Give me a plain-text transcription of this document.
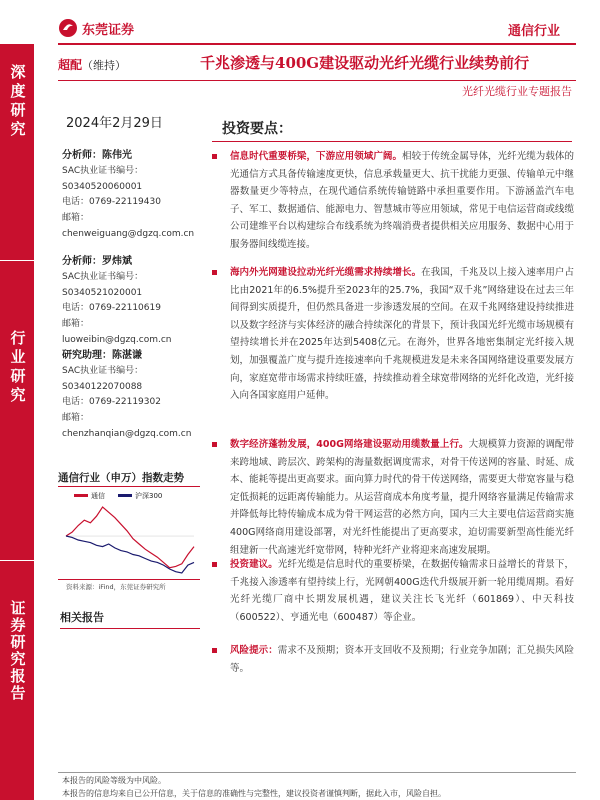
深度研究
行业研究
证券研究报告
东莞证券	通信行业
超配（维持）	千兆渗透与400G建设驱动光纤光缆行业续势前行
光纤光缆行业专题报告
2024年2月29日
分析师：陈伟光
SAC执业证书编号：
S0340520060001
电话：0769-22119430
邮箱：
chenweiguang@dgzq.com.cn
分析师：罗炜斌
SAC执业证书编号：
S0340521020001
电话：0769-22110619
邮箱：
luoweibin@dgzq.com.cn
研究助理：陈湛谦
SAC执业证书编号：
S0340122070088
电话：0769-22119302
邮箱：
chenzhanqian@dgzq.com.cn
通信行业（申万）指数走势
通信	沪深300
资料来源：iFind，东莞证券研究所
相关报告
投资要点：
信息时代重要桥梁，下游应用领域广阔。相较于传统金属导体，光纤光缆为载体的光通信方式具备传输速度更快，信息承载量更大、抗干扰能力更强、传输单元中继器数量更少等特点，在现代通信系统传输链路中承担重要作用。下游涵盖汽车电子、军工、数据通信、能源电力、智慧城市等应用领域，常见于电信运营商或线缆公司建维平台以构建综合布线系统为终端消费者提供相关应用服务、数据中心用于服务器间线缆连接。
海内外光网建设拉动光纤光缆需求持续增长。在我国，千兆及以上接入速率用户占比由2021年的6.5%提升至2023年的25.7%，我国“双千兆”网络建设在过去三年间得到实质提升，但仍然具备进一步渗透发展的空间。在双千兆网络建设持续推进以及数字经济与实体经济的融合持续深化的背景下，预计我国光纤光缆市场规模有望持续增长并在2025年达到5408亿元。在海外，世界各地密集制定光纤接入规划，加强覆盖广度与提升连接速率向千兆规模进发是未来各国网络建设重要发展方向，家庭宽带市场需求持续旺盛，持续推动着全球宽带网络的光纤化改造，光纤接入向各国家庭用户延伸。
数字经济蓬勃发展，400G网络建设驱动用缆数量上行。大规模算力资源的调配带来跨地域、跨层次、跨架构的海量数据调度需求，对骨干传送网的容量、时延、成本、能耗等提出更高要求。面向算力时代的骨干传送网络，需要更大带宽容量与稳定低损耗的远距离传输能力。从运营商成本角度考量，提升网络容量满足传输需求并降低每比特传输成本成为骨干网运营的必然方向，国内三大主要电信运营商实施400G网络商用建设部署，对光纤性能提出了更高要求，迫切需要新型高性能光纤组建新一代高速光纤宽带网，特种光纤产业将迎来高速发展期。
投资建议。光纤光缆是信息时代的重要桥梁，在数据传输需求日益增长的背景下，千兆接入渗透率有望持续上行，光网朝400G迭代升级展开新一轮用缆周期。看好光纤光缆厂商中长期发展机遇，建议关注长飞光纤（601869）、中天科技（600522）、亨通光电（600487）等企业。
风险提示：需求不及预期；资本开支回收不及预期；行业竞争加剧；汇兑损失风险等。
本报告的风险等级为中风险。
本报告的信息均来自已公开信息，关于信息的准确性与完整性，建议投资者谨慎判断，据此入市，风险自担。
